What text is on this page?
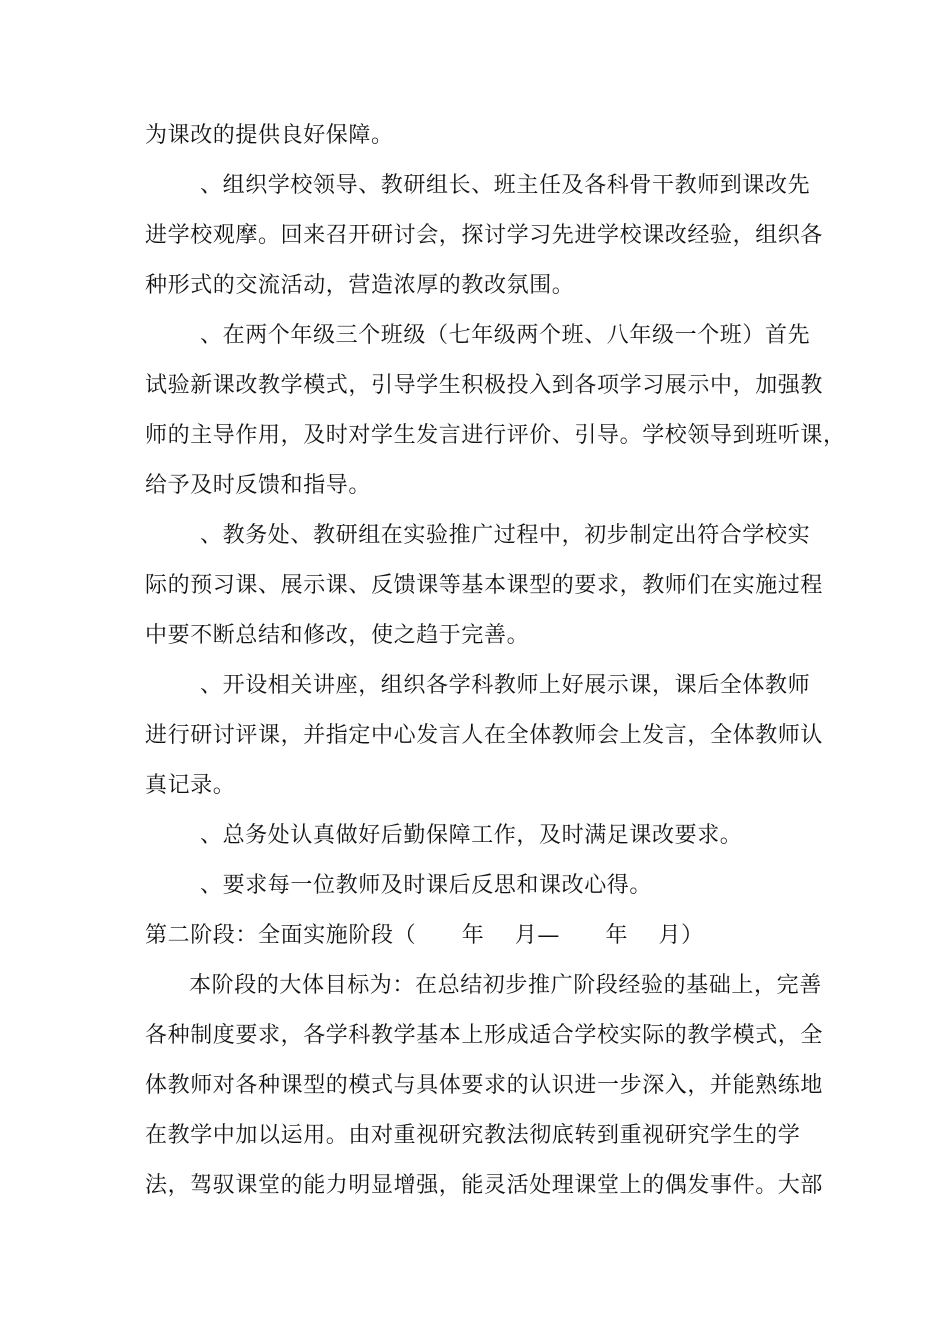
为课改的提供良好保障。
、组织学校领导、教研组长、班主任及各科骨干教师到课改先
进学校观摩。回来召开研讨会，探讨学习先进学校课改经验，组织各
种形式的交流活动，营造浓厚的教改氛围。
、在两个年级三个班级（七年级两个班、八年级一个班）首先
试验新课改教学模式，引导学生积极投入到各项学习展示中，加强教
师的主导作用，及时对学生发言进行评价、引导。学校领导到班听课，
给予及时反馈和指导。
、教务处、教研组在实验推广过程中，初步制定出符合学校实
际的预习课、展示课、反馈课等基本课型的要求，教师们在实施过程
中要不断总结和修改，使之趋于完善。
、开设相关讲座，组织各学科教师上好展示课，课后全体教师
进行研讨评课，并指定中心发言人在全体教师会上发言，全体教师认
真记录。
、总务处认真做好后勤保障工作，及时满足课改要求。
、要求每一位教师及时课后反思和课改心得。
第二阶段：全面实施阶段（      年    月—      年    月）
本阶段的大体目标为：在总结初步推广阶段经验的基础上，完善
各种制度要求，各学科教学基本上形成适合学校实际的教学模式，全
体教师对各种课型的模式与具体要求的认识进一步深入，并能熟练地
在教学中加以运用。由对重视研究教法彻底转到重视研究学生的学
法，驾驭课堂的能力明显增强，能灵活处理课堂上的偶发事件。大部
